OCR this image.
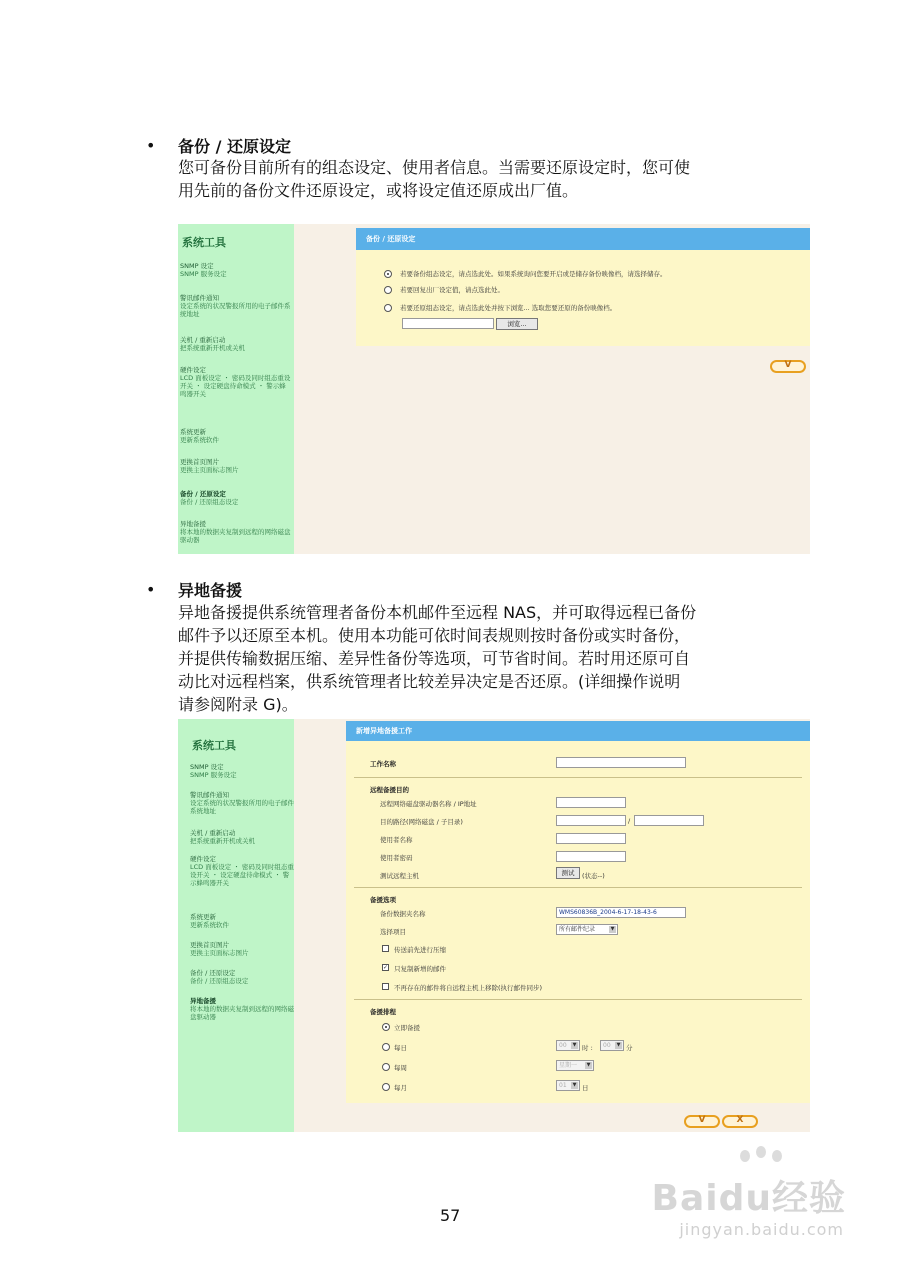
• 备份 / 还原设定
您可备份目前所有的组态设定、使用者信息。当需要还原设定时，您可使
用先前的备份文件还原设定，或将设定值还原成出厂值。
系统工具
SNMP 设定
SNMP 服务设定
警讯邮件通知
设定系统的状况警报所用的电子邮件系统地址
关机 / 重新启动
把系统重新开机或关机
硬件设定
LCD 面板设定 ・ 密码及同时组态重设开关 ・ 设定硬盘待命模式 ・ 警示蜂鸣器开关
系统更新
更新系统软件
更换首页图片
更换主页面标志图片
备份 / 还原设定
备份 / 还原组态设定
异地备援
将本地的数据夹复制到远程的网络磁盘驱动器
备份 / 还原设定
若要备份组态设定，请点选此处。如果系统询问您要开启或是储存备份映像档，请选择储存。
若要回复出厂设定值，请点选此处。
若要还原组态设定，请点选此处并按下浏览... 选取您要还原的备份映像档。
浏览...
V
• 异地备援
异地备援提供系统管理者备份本机邮件至远程 NAS，并可取得远程已备份
邮件予以还原至本机。使用本功能可依时间表规则按时备份或实时备份，
并提供传输数据压缩、差异性备份等选项，可节省时间。若时用还原可自
动比对远程档案，供系统管理者比较差异决定是否还原。(详细操作说明
请参阅附录 G)。
系统工具
SNMP 设定
SNMP 服务设定
警讯邮件通知
设定系统的状况警报所用的电子邮件系统地址
关机 / 重新启动
把系统重新开机或关机
硬件设定
LCD 面板设定 ・ 密码及同时组态重设开关 ・ 设定硬盘待命模式 ・ 警示蜂鸣器开关
系统更新
更新系统软件
更换首页图片
更换主页面标志图片
备份 / 还原设定
备份 / 还原组态设定
异地备援
将本地的数据夹复制到远程的网络磁盘驱动器
新增异地备援工作
工作名称
远程备援目的
远程网络磁盘驱动器名称 / IP地址
目的路径(网络磁盘 / 子目录)	/
使用者名称
使用者密码
测试远程主机	测试	(状态--)
备援选项
备份数据夹名称	WMS60836B_2004-6-17-18-43-6
选择项目	所有邮件纪录	▼
传送前先进行压缩
✓ 只复制新增的邮件
不再存在的邮件将自远程主机上移除(执行邮件同步)
备援排程
立即备援
每日	00	▼ 时 :	00	▼ 分
每周	星期一	▼
每月	01	▼ 日
V	X
57	Baidu经验
jingyan.baidu.com
